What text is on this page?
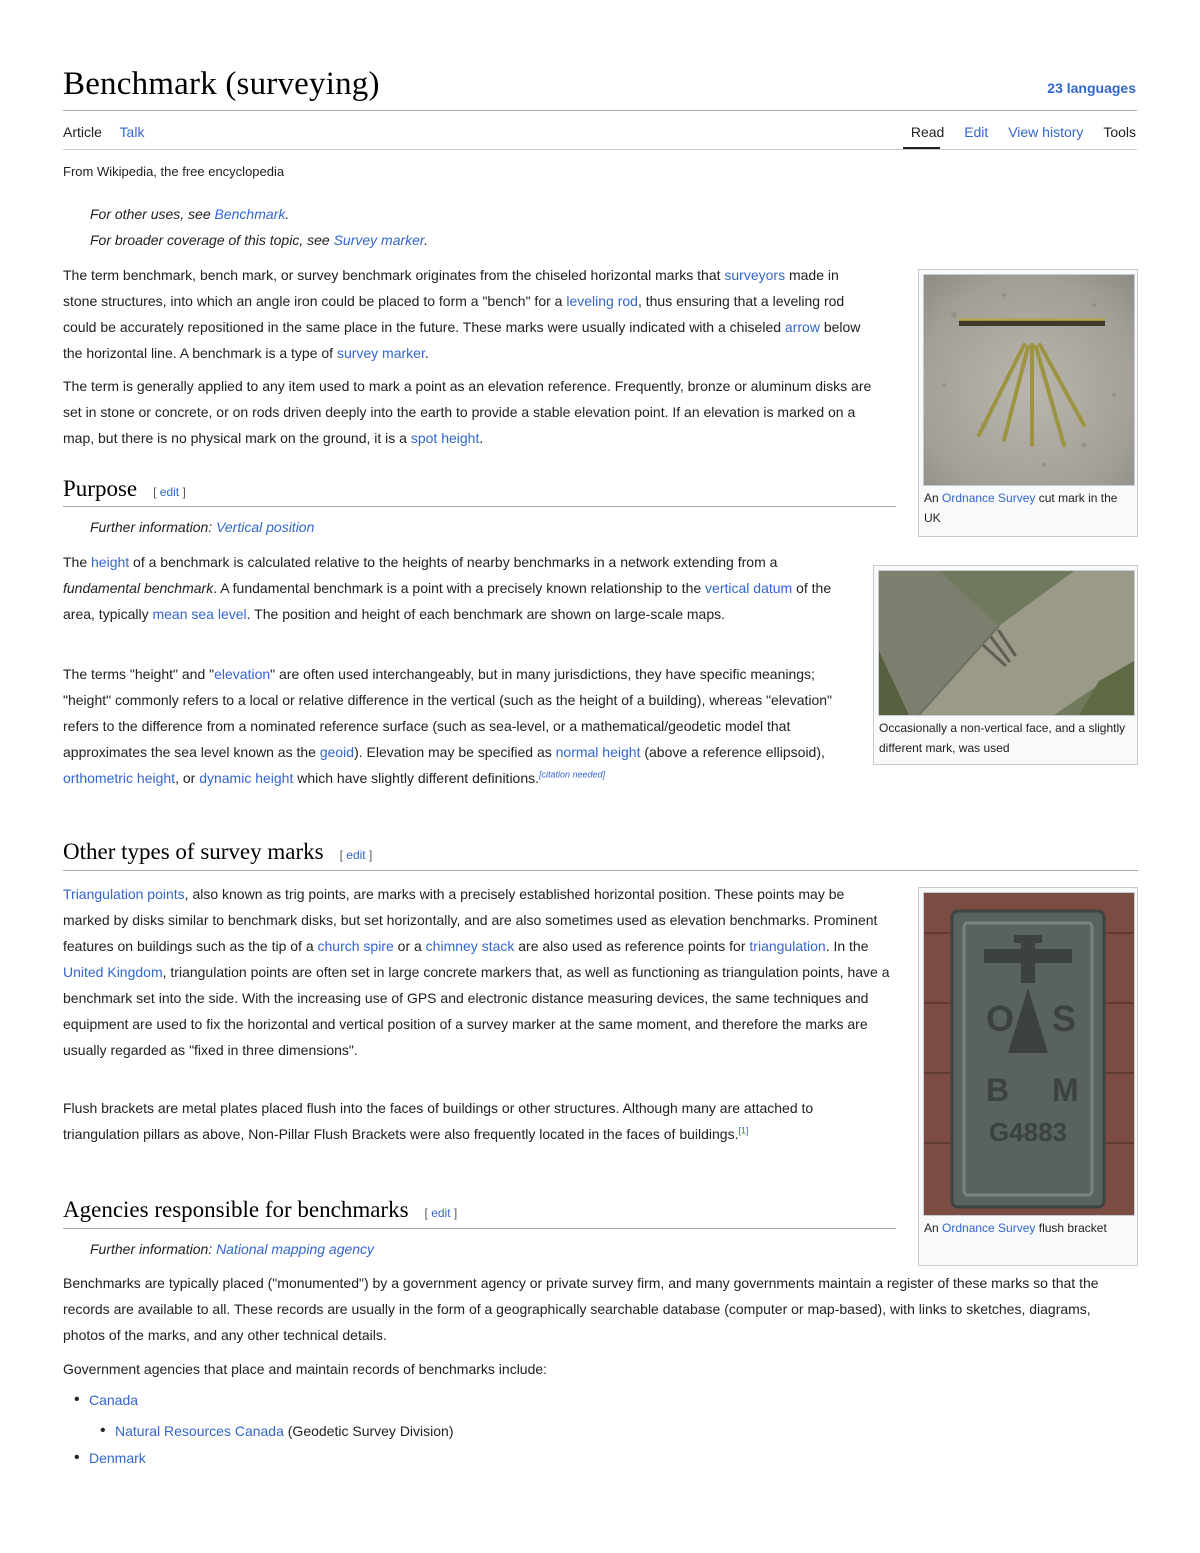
Benchmark (surveying)	23 languages
Article Talk	Read Edit View history Tools
From Wikipedia, the free encyclopedia
For other uses, see Benchmark.
For broader coverage of this topic, see Survey marker.

The term benchmark, bench mark, or survey benchmark originates from the chiseled horizontal marks that surveyors made in stone structures, into which an angle iron could be placed to form a "bench" for a leveling rod, thus ensuring that a leveling rod could be accurately repositioned in the same place in the future. These marks were usually indicated with a chiseled arrow below the horizontal line. A benchmark is a type of survey marker.

The term is generally applied to any item used to mark a point as an elevation reference. Frequently, bronze or aluminum disks are set in stone or concrete, or on rods driven deeply into the earth to provide a stable elevation point. If an elevation is marked on a map, but there is no physical mark on the ground, it is a spot height.

An Ordnance Survey cut mark in the UK
Purpose [ edit ]
Further information: Vertical position

The height of a benchmark is calculated relative to the heights of nearby benchmarks in a network extending from a fundamental benchmark. A fundamental benchmark is a point with a precisely known relationship to the vertical datum of the area, typically mean sea level. The position and height of each benchmark are shown on large-scale maps.

The terms "height" and "elevation" are often used interchangeably, but in many jurisdictions, they have specific meanings; "height" commonly refers to a local or relative difference in the vertical (such as the height of a building), whereas "elevation" refers to the difference from a nominated reference surface (such as sea-level, or a mathematical/geodetic model that approximates the sea level known as the geoid). Elevation may be specified as normal height (above a reference ellipsoid), orthometric height, or dynamic height which have slightly different definitions.[citation needed]

Occasionally a non-vertical face, and a slightly different mark, was used
Other types of survey marks [ edit ]

Triangulation points, also known as trig points, are marks with a precisely established horizontal position. These points may be marked by disks similar to benchmark disks, but set horizontally, and are also sometimes used as elevation benchmarks. Prominent features on buildings such as the tip of a church spire or a chimney stack are also used as reference points for triangulation. In the United Kingdom, triangulation points are often set in large concrete markers that, as well as functioning as triangulation points, have a benchmark set into the side. With the increasing use of GPS and electronic distance measuring devices, the same techniques and equipment are used to fix the horizontal and vertical position of a survey marker at the same moment, and therefore the marks are usually regarded as "fixed in three dimensions".

Flush brackets are metal plates placed flush into the faces of buildings or other structures. Although many are attached to triangulation pillars as above, Non-Pillar Flush Brackets were also frequently located in the faces of buildings.[1]

O S
B M
G4883
An Ordnance Survey flush bracket
Agencies responsible for benchmarks [ edit ]
Further information: National mapping agency

Benchmarks are typically placed ("monumented") by a government agency or private survey firm, and many governments maintain a register of these marks so that the records are available to all. These records are usually in the form of a geographically searchable database (computer or map-based), with links to sketches, diagrams, photos of the marks, and any other technical details.

Government agencies that place and maintain records of benchmarks include:

• Canada
• Natural Resources Canada (Geodetic Survey Division)
• Denmark
